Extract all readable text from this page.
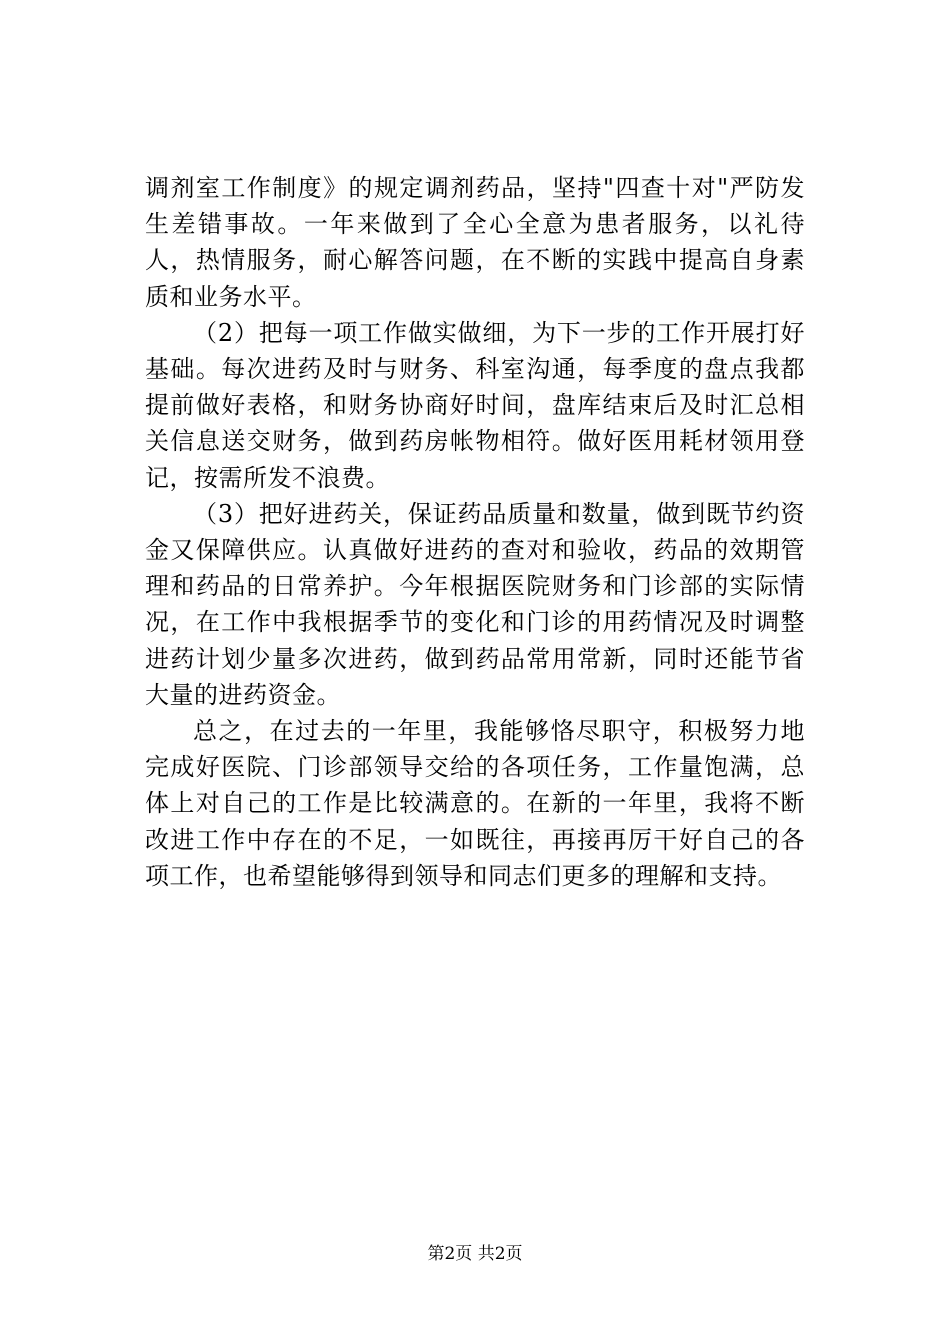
调剂室工作制度》的规定调剂药品，坚持"四查十对"严防发生差错事故。一年来做到了全心全意为患者服务，以礼待人，热情服务，耐心解答问题，在不断的实践中提高自身素质和业务水平。

（2）把每一项工作做实做细，为下一步的工作开展打好基础。每次进药及时与财务、科室沟通，每季度的盘点我都提前做好表格，和财务协商好时间，盘库结束后及时汇总相关信息送交财务，做到药房帐物相符。做好医用耗材领用登记，按需所发不浪费。

（3）把好进药关，保证药品质量和数量，做到既节约资金又保障供应。认真做好进药的查对和验收，药品的效期管理和药品的日常养护。今年根据医院财务和门诊部的实际情况，在工作中我根据季节的变化和门诊的用药情况及时调整进药计划少量多次进药，做到药品常用常新，同时还能节省大量的进药资金。

总之，在过去的一年里，我能够恪尽职守，积极努力地完成好医院、门诊部领导交给的各项任务，工作量饱满，总体上对自己的工作是比较满意的。在新的一年里，我将不断改进工作中存在的不足，一如既往，再接再厉干好自己的各项工作，也希望能够得到领导和同志们更多的理解和支持。

第2页 共2页
